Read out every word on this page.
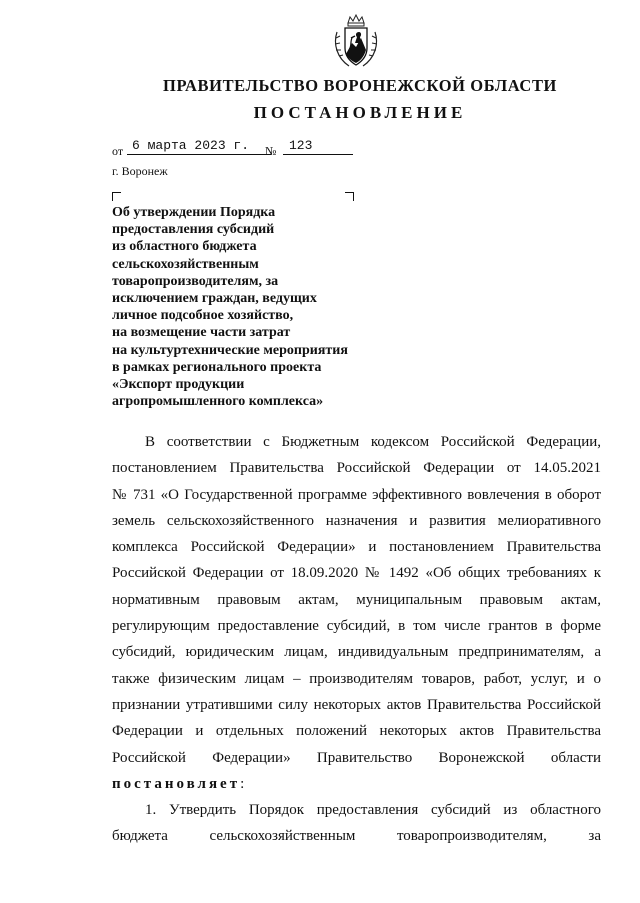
ПРАВИТЕЛЬСТВО ВОРОНЕЖСКОЙ ОБЛАСТИ
ПОСТАНОВЛЕНИЕ
от 6 марта 2023 г. № 123
г. Воронеж
Об утверждении Порядка
предоставления субсидий
из областного бюджета
сельскохозяйственным
товаропроизводителям, за
исключением граждан, ведущих
личное подсобное хозяйство,
на возмещение части затрат
на культуртехнические мероприятия
в рамках регионального проекта
«Экспорт продукции
агропромышленного комплекса»
В соответствии с Бюджетным кодексом Российской Федерации,
постановлением Правительства Российской Федерации от 14.05.2021
№ 731 «О Государственной программе эффективного вовлечения в оборот
земель сельскохозяйственного назначения и развития мелиоративного
комплекса Российской Федерации» и постановлением Правительства
Российской Федерации от 18.09.2020 № 1492 «Об общих требованиях к
нормативным правовым актам, муниципальным правовым актам,
регулирующим предоставление субсидий, в том числе грантов в форме
субсидий, юридическим лицам, индивидуальным предпринимателям, а
также физическим лицам – производителям товаров, работ, услуг, и о
признании утратившими силу некоторых актов Правительства Российской
Федерации и отдельных положений некоторых актов Правительства
Российской Федерации» Правительство Воронежской области
постановляет:
1. Утвердить Порядок предоставления субсидий из областного
бюджета сельскохозяйственным товаропроизводителям, за
